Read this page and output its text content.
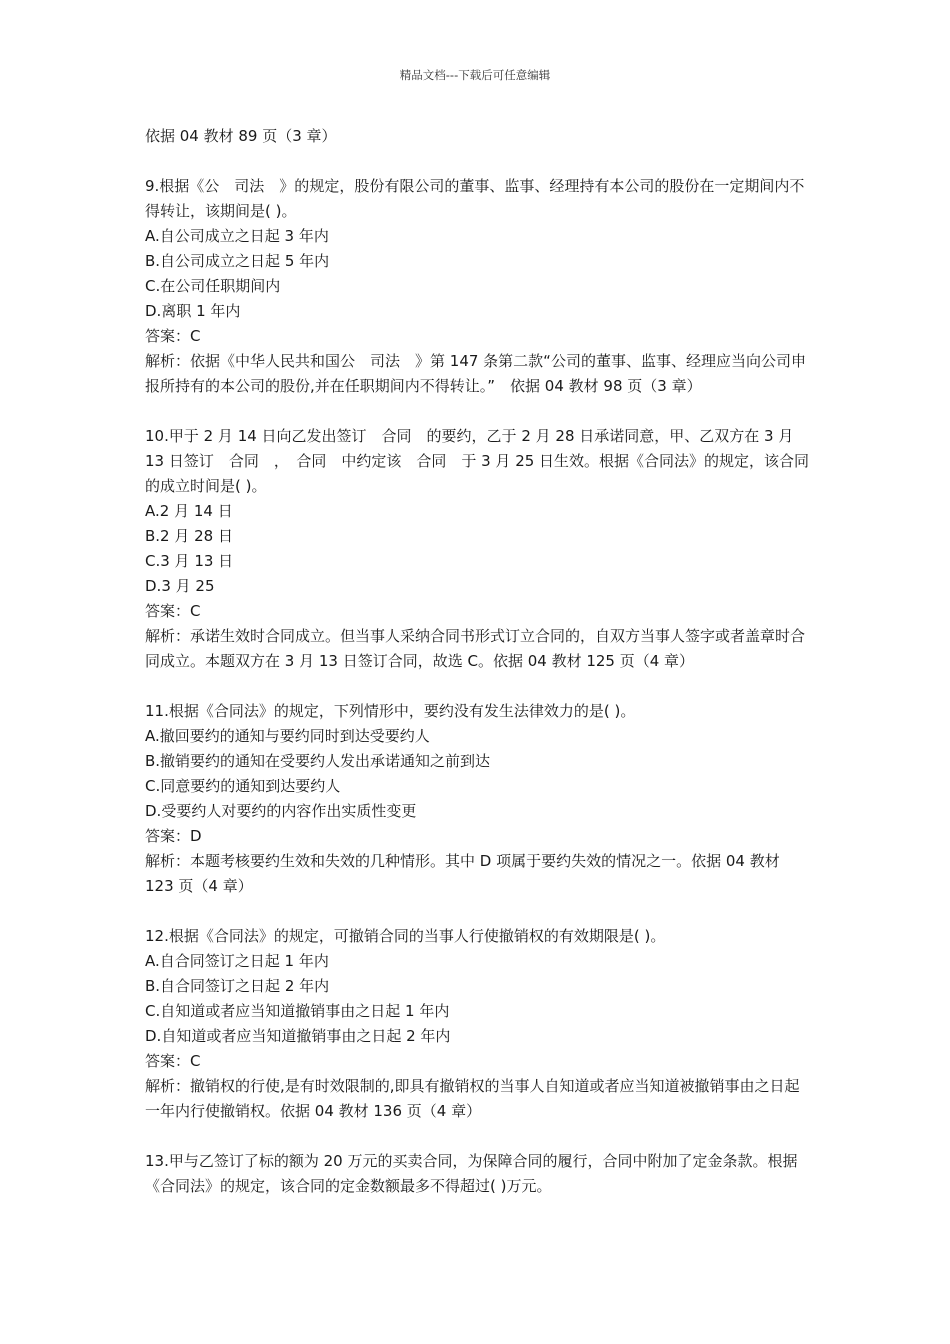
精品文档---下载后可任意编辑

依据 04 教材 89 页（3 章）

9.根据《公　司法　》的规定，股份有限公司的董事、监事、经理持有本公司的股份在一定期间内不得转让，该期间是( )。

A.自公司成立之日起 3 年内

B.自公司成立之日起 5 年内

C.在公司任职期间内

D.离职 1 年内

答案：C

解析：依据《中华人民共和国公　司法　》第 147 条第二款“公司的董事、监事、经理应当向公司申报所持有的本公司的股份,并在任职期间内不得转让。”　依据 04 教材 98 页（3 章）

10.甲于 2 月 14 日向乙发出签订　合同　的要约，乙于 2 月 28 日承诺同意，甲、乙双方在 3 月 13 日签订　合同　，　合同　中约定该　合同　于 3 月 25 日生效。根据《合同法》的规定，该合同的成立时间是( )。

A.2 月 14 日

B.2 月 28 日

C.3 月 13 日

D.3 月 25

答案：C

解析：承诺生效时合同成立。但当事人采纳合同书形式订立合同的，自双方当事人签字或者盖章时合同成立。本题双方在 3 月 13 日签订合同，故选 C。依据 04 教材 125 页（4 章）

11.根据《合同法》的规定，下列情形中，要约没有发生法律效力的是( )。

A.撤回要约的通知与要约同时到达受要约人

B.撤销要约的通知在受要约人发出承诺通知之前到达

C.同意要约的通知到达要约人

D.受要约人对要约的内容作出实质性变更

答案：D

解析：本题考核要约生效和失效的几种情形。其中 D 项属于要约失效的情况之一。依据 04 教材 123 页（4 章）

12.根据《合同法》的规定，可撤销合同的当事人行使撤销权的有效期限是( )。

A.自合同签订之日起 1 年内

B.自合同签订之日起 2 年内

C.自知道或者应当知道撤销事由之日起 1 年内

D.自知道或者应当知道撤销事由之日起 2 年内

答案：C

解析：撤销权的行使,是有时效限制的,即具有撤销权的当事人自知道或者应当知道被撤销事由之日起一年内行使撤销权。依据 04 教材 136 页（4 章）

13.甲与乙签订了标的额为 20 万元的买卖合同，为保障合同的履行，合同中附加了定金条款。根据《合同法》的规定，该合同的定金数额最多不得超过( )万元。
